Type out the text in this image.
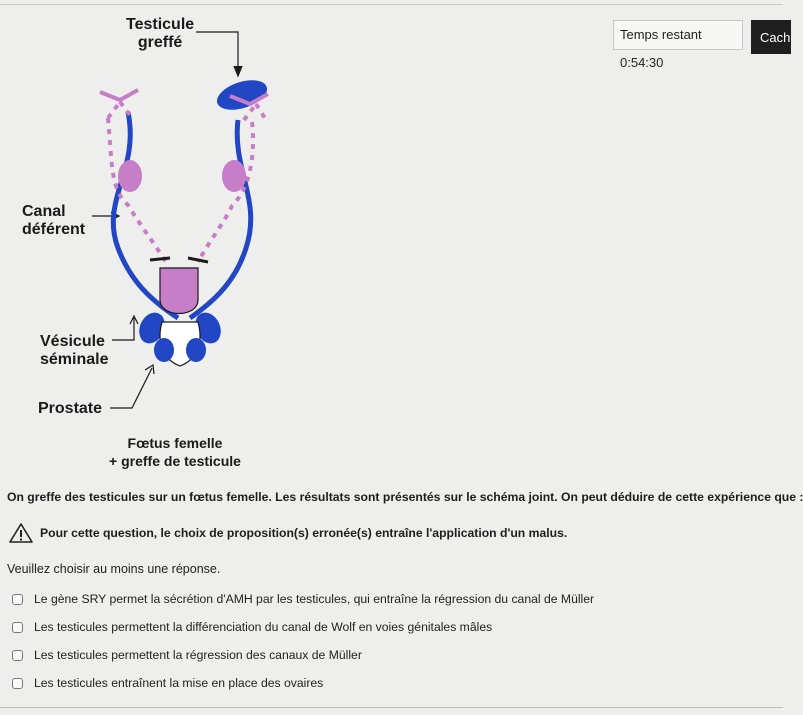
Temps restant 0:54:30
Cach
Testicule
greffé
Canal
déférent
Vésicule
séminale
Prostate
Fœtus femelle
+ greffe de testicule
On greffe des testicules sur un fœtus femelle. Les résultats sont présentés sur le schéma joint. On peut déduire de cette expérience que :
Pour cette question, le choix de proposition(s) erronée(s) entraîne l'application d'un malus.
Veuillez choisir au moins une réponse.
Le gène SRY permet la sécrétion d'AMH par les testicules, qui entraîne la régression du canal de Müller
Les testicules permettent la différenciation du canal de Wolf en voies génitales mâles
Les testicules permettent la régression des canaux de Müller
Les testicules entraînent la mise en place des ovaires
